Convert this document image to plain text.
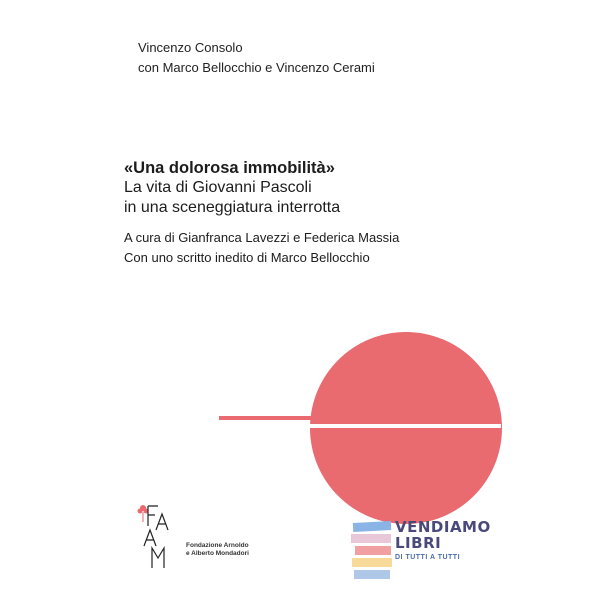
Vincenzo Consolo
con Marco Bellocchio e Vincenzo Cerami
«Una dolorosa immobilità»
La vita di Giovanni Pascoli
in una sceneggiatura interrotta
A cura di Gianfranca Lavezzi e Federica Massia
Con uno scritto inedito di Marco Bellocchio
Fondazione Arnoldo
e Alberto Mondadori
VENDIAMO
LIBRI
DI TUTTI A TUTTI
